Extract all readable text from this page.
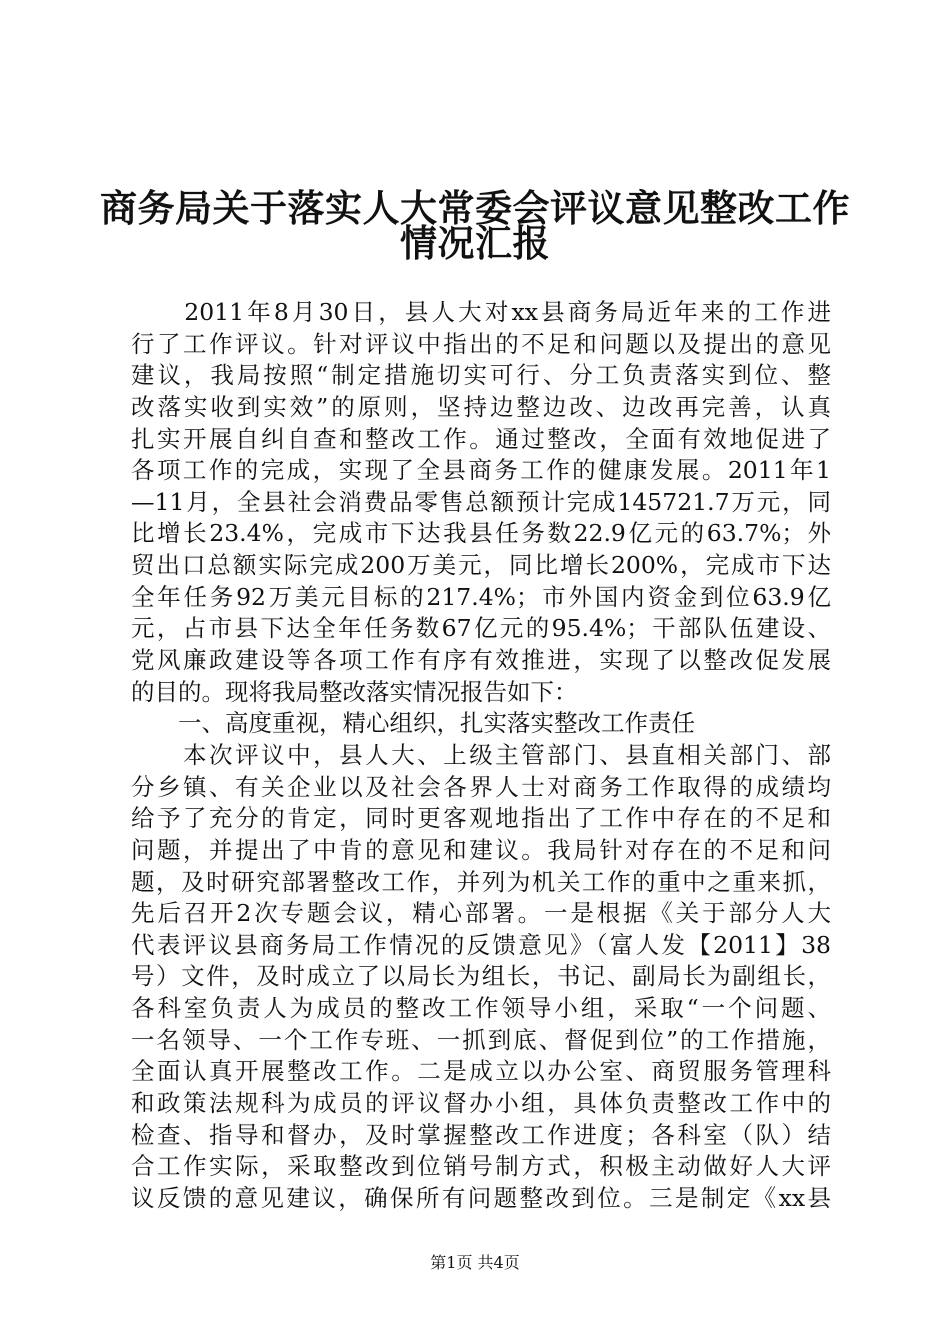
商务局关于落实人大常委会评议意见整改工作
情况汇报
　　2011年8月30日，县人大对xx县商务局近年来的工作进
行了工作评议。针对评议中指出的不足和问题以及提出的意见
建议，我局按照“制定措施切实可行、分工负责落实到位、整
改落实收到实效”的原则，坚持边整边改、边改再完善，认真
扎实开展自纠自查和整改工作。通过整改，全面有效地促进了
各项工作的完成，实现了全县商务工作的健康发展。2011年1
—11月，全县社会消费品零售总额预计完成145721.7万元，同
比增长23.4%，完成市下达我县任务数22.9亿元的63.7%；外
贸出口总额实际完成200万美元，同比增长200%，完成市下达
全年任务92万美元目标的217.4%；市外国内资金到位63.9亿
元，占市县下达全年任务数67亿元的95.4%；干部队伍建设、
党风廉政建设等各项工作有序有效推进，实现了以整改促发展
的目的。现将我局整改落实情况报告如下：
　　一、高度重视，精心组织，扎实落实整改工作责任
　　本次评议中，县人大、上级主管部门、县直相关部门、部
分乡镇、有关企业以及社会各界人士对商务工作取得的成绩均
给予了充分的肯定，同时更客观地指出了工作中存在的不足和
问题，并提出了中肯的意见和建议。我局针对存在的不足和问
题，及时研究部署整改工作，并列为机关工作的重中之重来抓，
先后召开2次专题会议，精心部署。一是根据《关于部分人大
代表评议县商务局工作情况的反馈意见》（富人发【2011】38
号）文件，及时成立了以局长为组长，书记、副局长为副组长，
各科室负责人为成员的整改工作领导小组，采取“一个问题、
一名领导、一个工作专班、一抓到底、督促到位”的工作措施，
全面认真开展整改工作。二是成立以办公室、商贸服务管理科
和政策法规科为成员的评议督办小组，具体负责整改工作中的
检查、指导和督办，及时掌握整改工作进度；各科室（队）结
合工作实际，采取整改到位销号制方式，积极主动做好人大评
议反馈的意见建议，确保所有问题整改到位。三是制定《xx县
第1页 共4页
